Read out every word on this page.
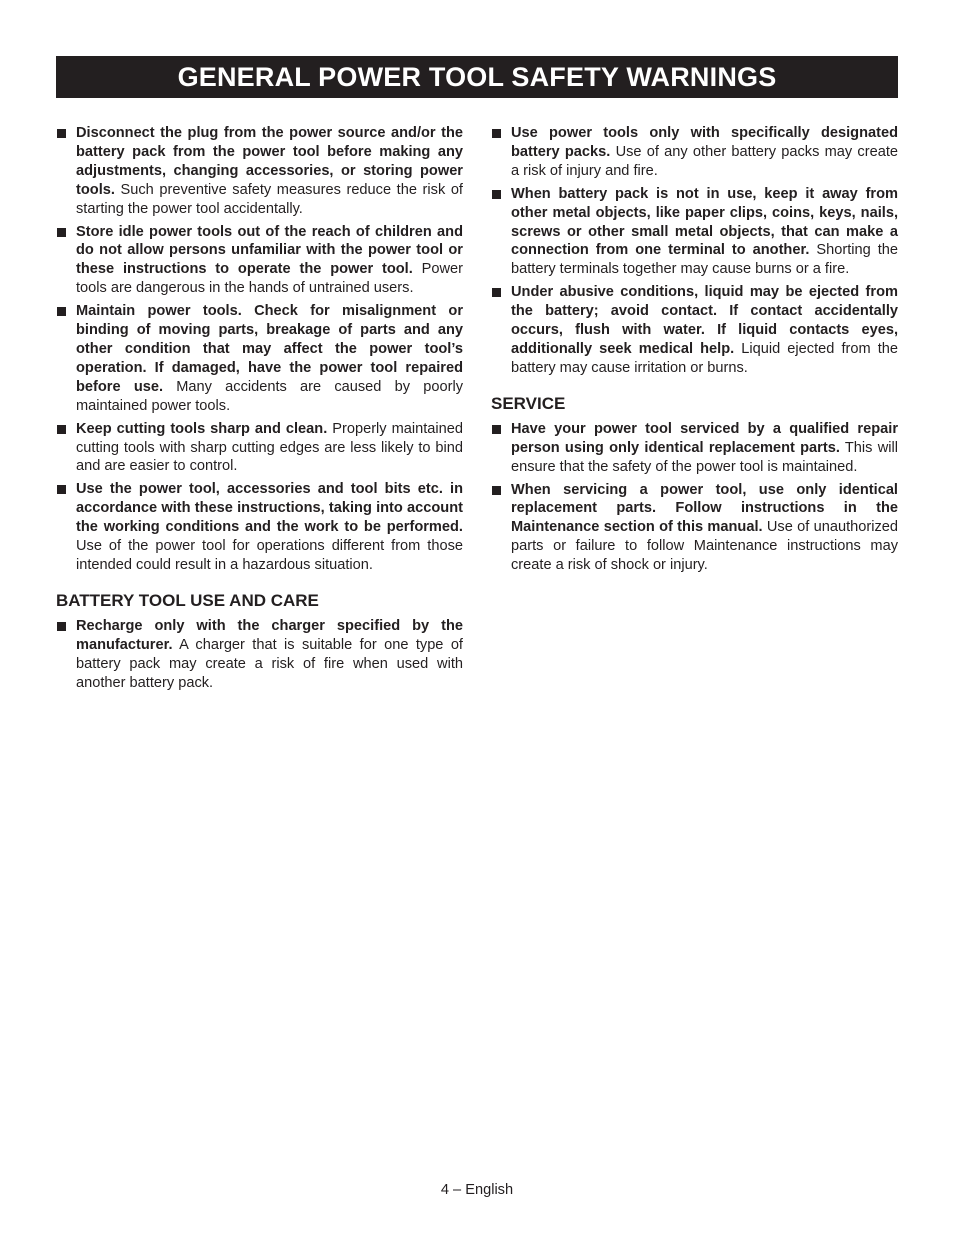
GENERAL POWER TOOL SAFETY WARNINGS
Disconnect the plug from the power source and/or the battery pack from the power tool before making any adjustments, changing accessories, or storing power tools. Such preventive safety measures reduce the risk of starting the power tool accidentally.
Store idle power tools out of the reach of children and do not allow persons unfamiliar with the power tool or these instructions to operate the power tool. Power tools are dangerous in the hands of untrained users.
Maintain power tools. Check for misalignment or binding of moving parts, breakage of parts and any other condition that may affect the power tool’s operation. If damaged, have the power tool repaired before use. Many accidents are caused by poorly maintained power tools.
Keep cutting tools sharp and clean. Properly maintained cutting tools with sharp cutting edges are less likely to bind and are easier to control.
Use the power tool, accessories and tool bits etc. in accordance with these instructions, taking into account the working conditions and the work to be performed. Use of the power tool for operations different from those intended could result in a hazardous situation.
BATTERY TOOL USE AND CARE
Recharge only with the charger specified by the manufacturer. A charger that is suitable for one type of battery pack may create a risk of fire when used with another battery pack.
Use power tools only with specifically designated battery packs. Use of any other battery packs may create a risk of injury and fire.
When battery pack is not in use, keep it away from other metal objects, like paper clips, coins, keys, nails, screws or other small metal objects, that can make a connection from one terminal to another. Shorting the battery terminals together may cause burns or a fire.
Under abusive conditions, liquid may be ejected from the battery; avoid contact. If contact accidentally occurs, flush with water. If liquid contacts eyes, additionally seek medical help. Liquid ejected from the battery may cause irritation or burns.
SERVICE
Have your power tool serviced by a qualified repair person using only identical replacement parts. This will ensure that the safety of the power tool is maintained.
When servicing a power tool, use only identical replacement parts. Follow instructions in the Maintenance section of this manual. Use of unauthorized parts or failure to follow Maintenance instructions may create a risk of shock or injury.
4 – English
